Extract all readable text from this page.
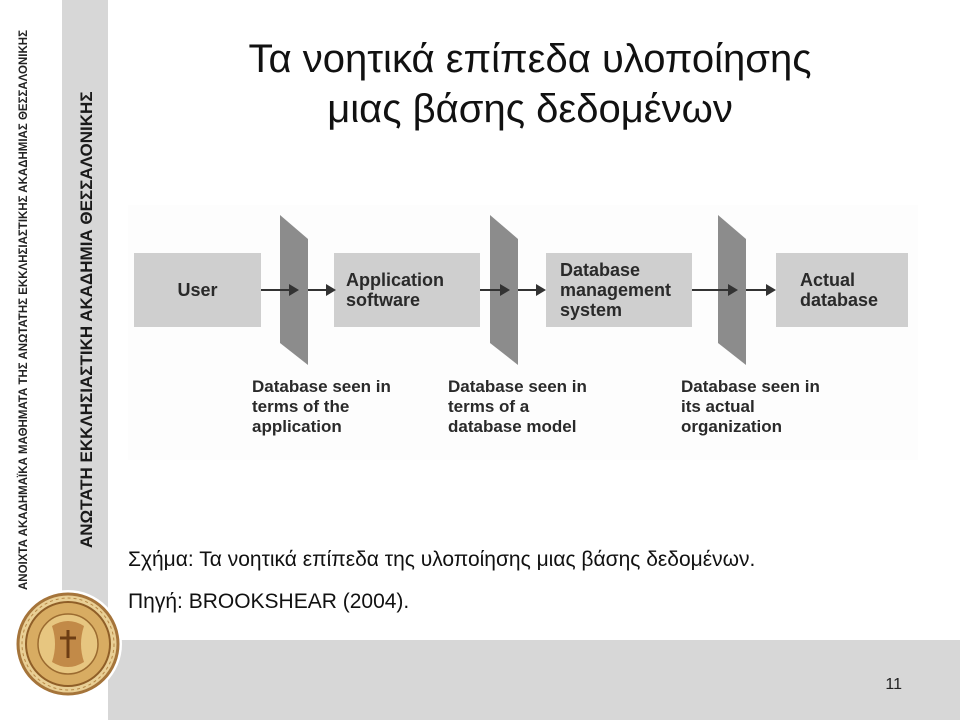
ΑΝΟΙΧΤΑ ΑΚΑΔΗΜΑΪΚΑ ΜΑΘΗΜΑΤΑ ΤΗΣ ΑΝΩΤΑΤΗΣ ΕΚΚΛΗΣΙΑΣΤΙΚΗΣ ΑΚΑΔΗΜΙΑΣ ΘΕΣΣΑΛΟΝΙΚΗΣ	ΑΝΩΤΑΤΗ ΕΚΚΛΗΣΙΑΣΤΙΚΗ ΑΚΑΔΗΜΙΑ ΘΕΣΣΑΛΟΝΙΚΗΣ
11
Τα νοητικά επίπεδα υλοποίησης
μιας βάσης δεδομένων
User	Application
software
Database
management
system
Actual
database
Database seen in
terms of the
application
Database seen in
terms of a
database model
Database seen in
its actual
organization
Σχήμα: Τα νοητικά επίπεδα της υλοποίησης μιας βάσης δεδομένων.
Πηγή: BROOKSHEAR (2004).
